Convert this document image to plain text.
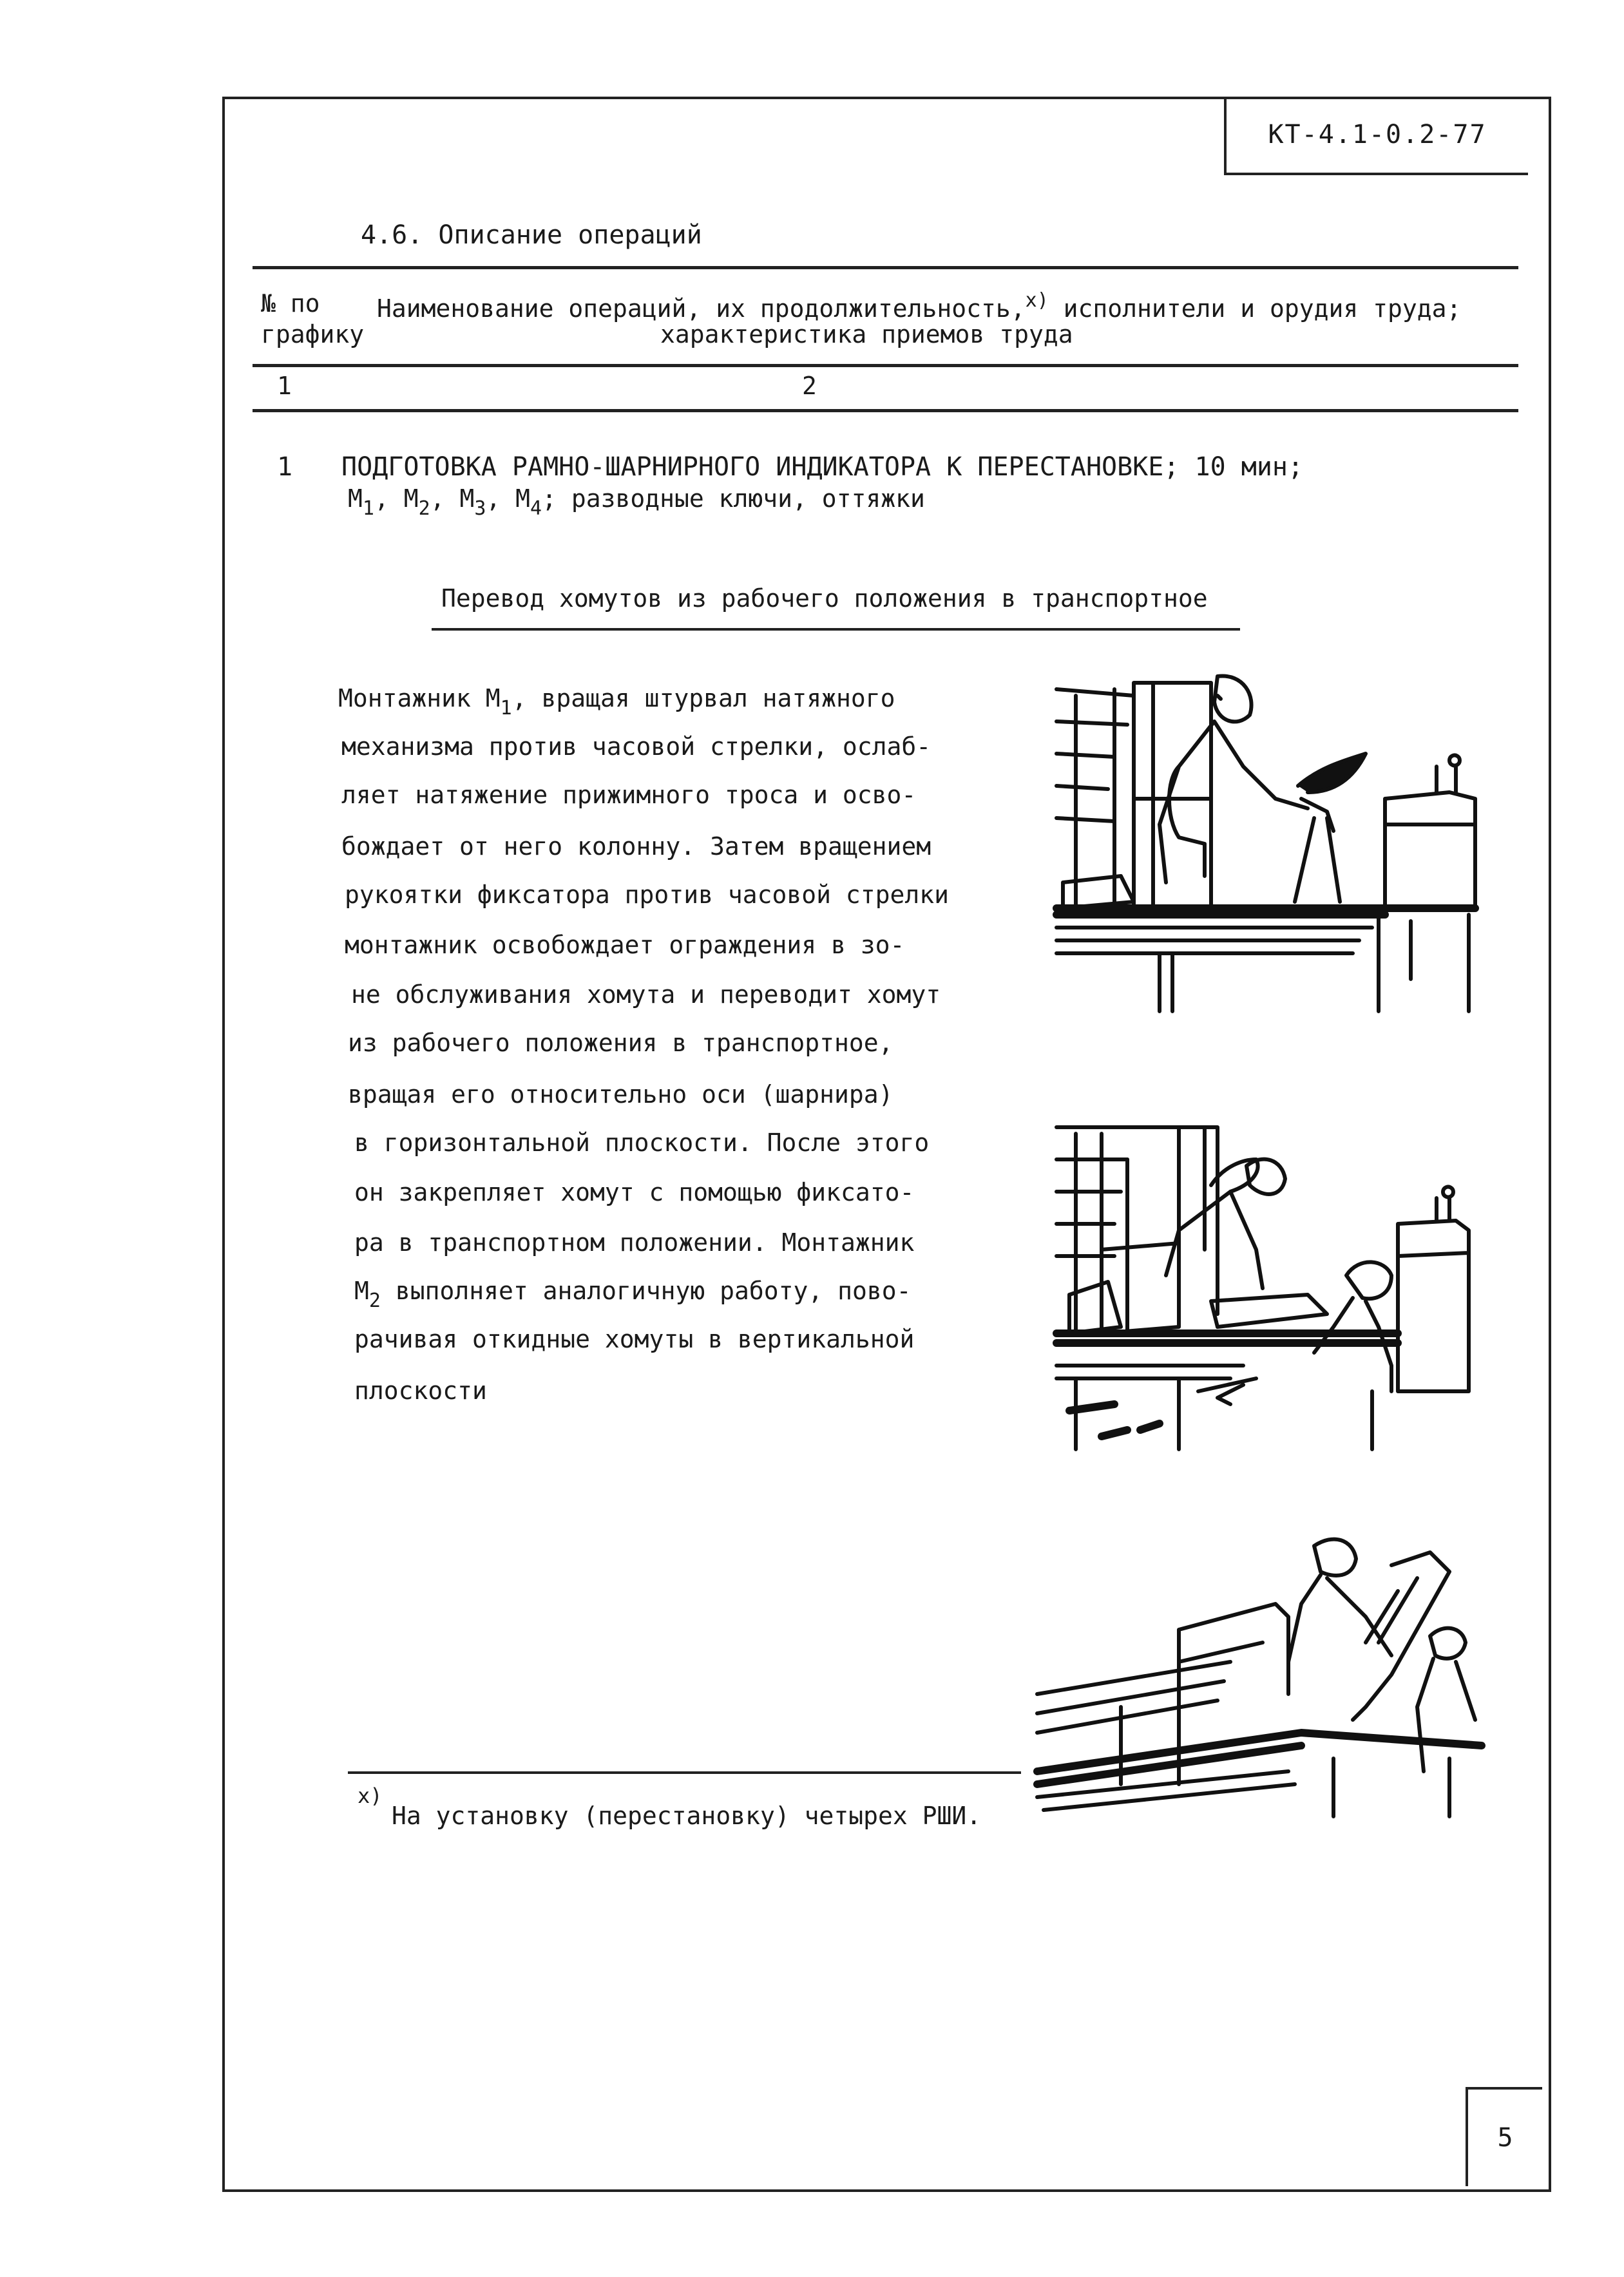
КТ-4.1-0.2-77
4.6. Описание операций
№ по
графику
Наименование операций, их продолжительность,$^{x)}$ исполнители и орудия труда;
характеристика приемов труда
1	2
1 ПОДГОТОВКА РАМНО-ШАРНИРНОГО ИНДИКАТОРА К ПЕРЕСТАНОВКЕ; 10 мин;
$М_1$, $М_2$, $М_3$, $М_4$; разводные ключи, оттяжки
Перевод хомутов из рабочего положения в транспортное
Монтажник $М_1$, вращая штурвал натяжного
механизма против часовой стрелки, ослаб-
ляет натяжение прижимного троса и осво-
бождает от него колонну. Затем вращением
рукоятки фиксатора против часовой стрелки
монтажник освобождает ограждения в зо-
не обслуживания хомута и переводит хомут
из рабочего положения в транспортное,
вращая его относительно оси (шарнира)
в горизонтальной плоскости. После этого
он закрепляет хомут с помощью фиксато-
ра в транспортном положении. Монтажник
$М_2$ выполняет аналогичную работу, пово-
рачивая откидные хомуты в вертикальной
плоскости
x)
На установку (перестановку) четырех РШИ.
5
